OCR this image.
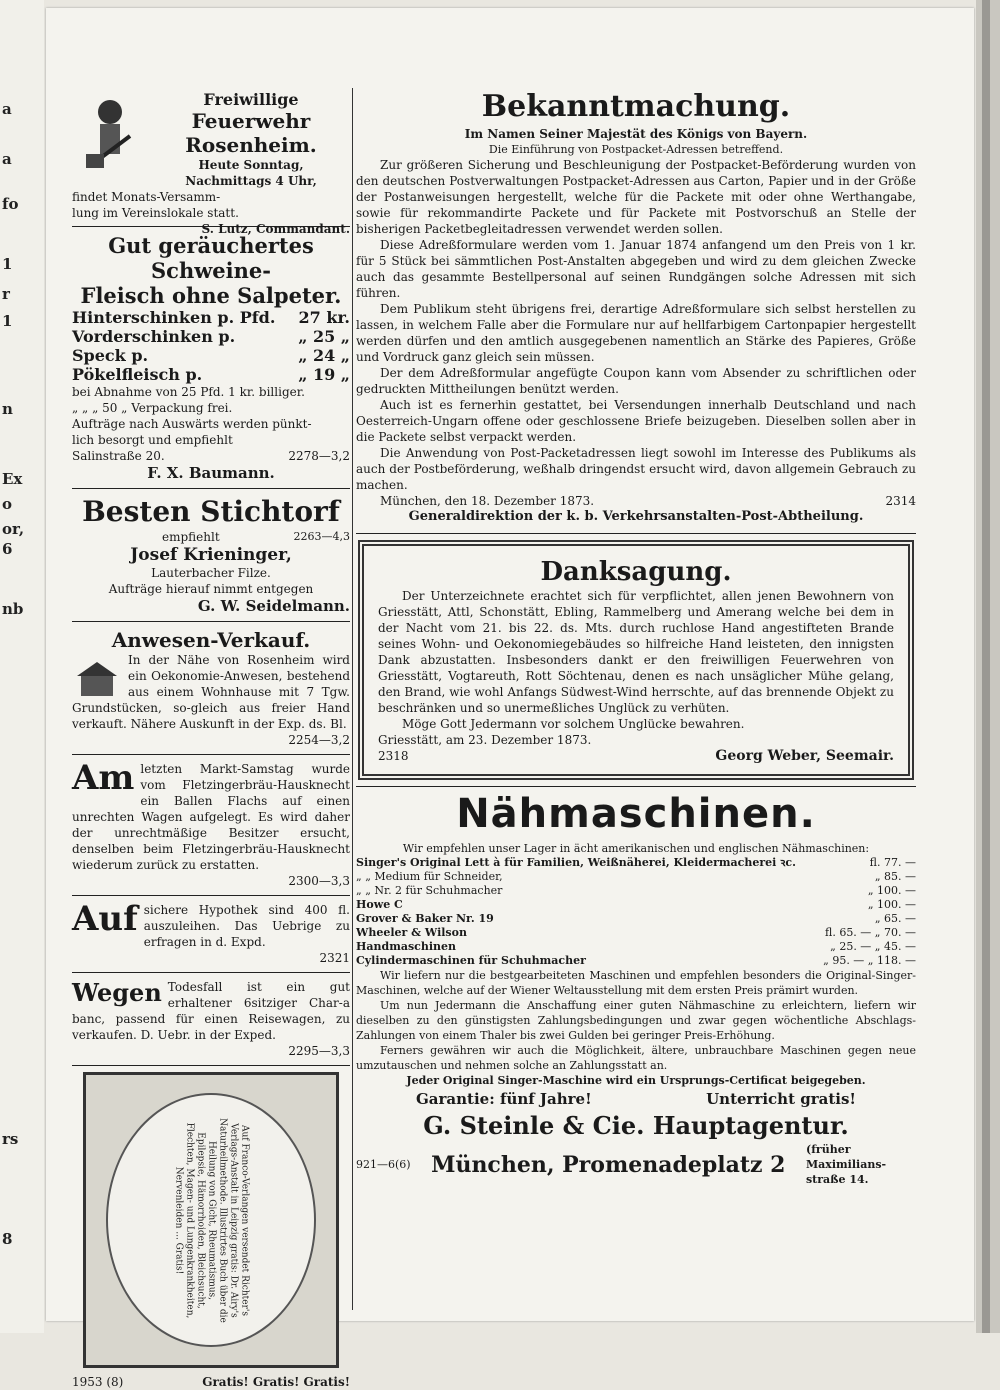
a
a
fo
1
r
1
n
Ex
o
or,
6
nb
rs
8
Freiwillige
Feuerwehr Rosenheim.
Heute Sonntag,
Nachmittags 4 Uhr,
findet Monats-Versamm-
lung im Vereinslokale statt.
S. Lutz, Commandant.
Gut geräuchertes Schweine-
Fleisch ohne Salpeter.
Hinterschinken p. Pfd. 27 kr.
Vorderschinken p.	„ 25 „
Speck p.	„ 24 „
Pökelfleisch p.	„ 19 „
bei Abnahme von 25 Pfd. 1 kr. billiger.
„ „ „ 50 „ Verpackung frei.
Aufträge nach Auswärts werden pünkt-
lich besorgt und empfiehlt
Salinstraße 20.	2278—3,2
F. X. Baumann.
Besten Stichtorf
empfiehlt	2263—4,3
Josef Krieninger,
Lauterbacher Filze.
Aufträge hierauf nimmt entgegen
G. W. Seidelmann.
Anwesen-Verkauf.
In der Nähe von Rosenheim wird ein Oekonomie-Anwesen, bestehend aus einem Wohnhause mit 7 Tgw. Grundstücken, so-gleich aus freier Hand verkauft. Nähere Auskunft in der Exp. ds. Bl.
2254—3,2
Am letzten Markt-Samstag wurde vom Fletzingerbräu-Hausknecht ein Ballen Flachs auf einen unrechten Wagen aufgelegt. Es wird daher der unrechtmäßige Besitzer ersucht, denselben beim Fletzingerbräu-Hausknecht wiederum zurück zu erstatten.
2300—3,3
Auf sichere Hypothek sind 400 fl. auszuleihen. Das Uebrige zu erfragen in d. Expd.
2321
Wegen Todesfall ist ein gut erhaltener 6sitziger Char-a banc, passend für einen Reisewagen, zu verkaufen. D. Uebr. in der Exped.
2295—3,3
Auf Franco-Verlangen versendet Richter's Verlags-Anstalt in Leipzig gratis: Dr. Airy's Naturheilmethode. Illustrirtes Buch über die Heilung von Gicht, Rheumatismus, Epilepsie, Hämorrhoiden, Bleichsucht, Flechten, Magen- und Lungenkrankheiten, Nervenleiden ... Gratis!
1953 (8)	Gratis! Gratis! Gratis!
Bekanntmachung.
Im Namen Seiner Majestät des Königs von Bayern.
Die Einführung von Postpacket-Adressen betreffend.
Zur größeren Sicherung und Beschleunigung der Postpacket-Beförderung wurden von den deutschen Postverwaltungen Postpacket-Adressen aus Carton, Papier und in der Größe der Postanweisungen hergestellt, welche für die Packete mit oder ohne Werthangabe, sowie für rekommandirte Packete und für Packete mit Postvorschuß an Stelle der bisherigen Packetbegleitadressen verwendet werden sollen.
Diese Adreßformulare werden vom 1. Januar 1874 anfangend um den Preis von 1 kr. für 5 Stück bei sämmtlichen Post-Anstalten abgegeben und wird zu dem gleichen Zwecke auch das gesammte Bestellpersonal auf seinen Rundgängen solche Adressen mit sich führen.
Dem Publikum steht übrigens frei, derartige Adreßformulare sich selbst herstellen zu lassen, in welchem Falle aber die Formulare nur auf hellfarbigem Cartonpapier hergestellt werden dürfen und den amtlich ausgegebenen namentlich an Stärke des Papieres, Größe und Vordruck ganz gleich sein müssen.
Der dem Adreßformular angefügte Coupon kann vom Absender zu schriftlichen oder gedruckten Mittheilungen benützt werden.
Auch ist es fernerhin gestattet, bei Versendungen innerhalb Deutschland und nach Oesterreich-Ungarn offene oder geschlossene Briefe beizugeben. Dieselben sollen aber in die Packete selbst verpackt werden.
Die Anwendung von Post-Packetadressen liegt sowohl im Interesse des Publikums als auch der Postbeförderung, weßhalb dringendst ersucht wird, davon allgemein Gebrauch zu machen.
München, den 18. Dezember 1873.	2314
Generaldirektion der k. b. Verkehrsanstalten-Post-Abtheilung.
Danksagung.
Der Unterzeichnete erachtet sich für verpflichtet, allen jenen Bewohnern von Griesstätt, Attl, Schonstätt, Ebling, Rammelberg und Amerang welche bei dem in der Nacht vom 21. bis 22. ds. Mts. durch ruchlose Hand angestifteten Brande seines Wohn- und Oekonomiegebäudes so hilfreiche Hand leisteten, den innigsten Dank abzustatten. Insbesonders dankt er den freiwilligen Feuerwehren von Griesstätt, Vogtareuth, Rott Söchtenau, denen es nach unsäglicher Mühe gelang, den Brand, wie wohl Anfangs Südwest-Wind herrschte, auf das brennende Objekt zu beschränken und so unermeßliches Unglück zu verhüten.
Möge Gott Jedermann vor solchem Unglücke bewahren.
Griesstätt, am 23. Dezember 1873.
2318	Georg Weber, Seemair.
Nähmaschinen.
Wir empfehlen unser Lager in ächt amerikanischen und englischen Nähmaschinen:
Singer's Original Lett à für Familien, Weißnäherei, Kleidermacherei ꝛc.	fl. 77. —
„ „ Medium für Schneider,	„ 85. —
„ „ Nr. 2 für Schuhmacher	„ 100. —
Howe C	„ 100. —
Grover & Baker Nr. 19	„ 65. —
Wheeler & Wilson	fl. 65. — „ 70. —
Handmaschinen	„ 25. — „ 45. —
Cylindermaschinen für Schuhmacher	„ 95. — „ 118. —
Wir liefern nur die bestgearbeiteten Maschinen und empfehlen besonders die Original-Singer-Maschinen, welche auf der Wiener Weltausstellung mit dem ersten Preis prämirt wurden.
Um nun Jedermann die Anschaffung einer guten Nähmaschine zu erleichtern, liefern wir dieselben zu den günstigsten Zahlungsbedingungen und zwar gegen wöchentliche Abschlags-Zahlungen von einem Thaler bis zwei Gulden bei geringer Preis-Erhöhung.
Ferners gewähren wir auch die Möglichkeit, ältere, unbrauchbare Maschinen gegen neue umzutauschen und nehmen solche an Zahlungsstatt an.
Jeder Original Singer-Maschine wird ein Ursprungs-Certificat beigegeben.
Garantie: fünf Jahre!	Unterricht gratis!
G. Steinle & Cie. Hauptagentur.
921—6(6) München, Promenadeplatz 2
(früher Maximilians-straße 14.
